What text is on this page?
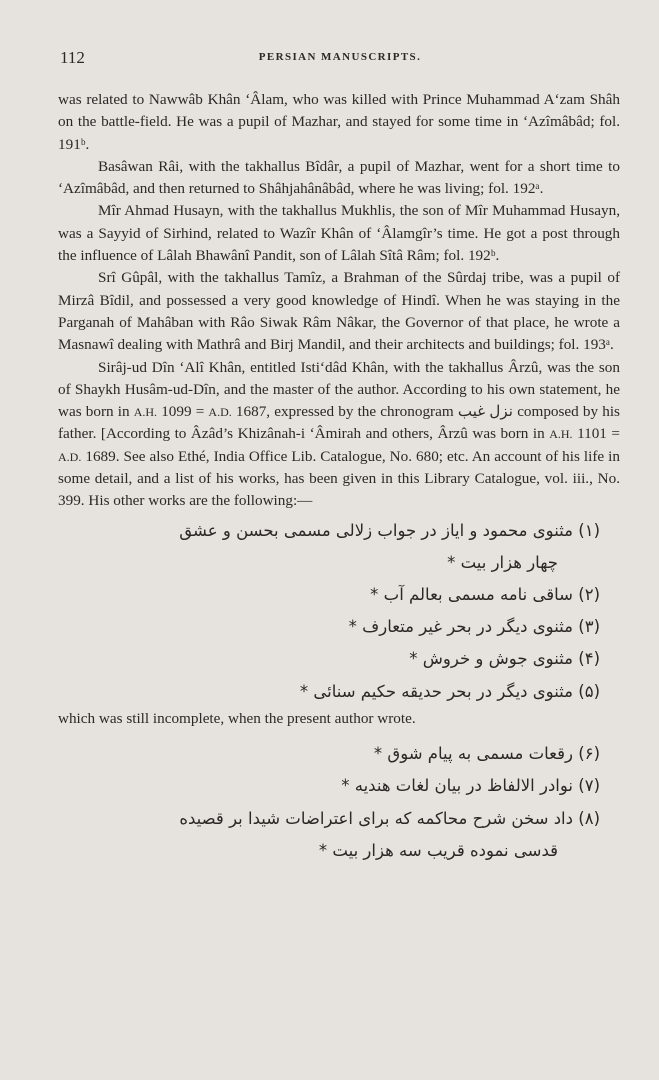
112	PERSIAN MANUSCRIPTS.

was related to Nawwâb Khân ‘Âlam, who was killed with Prince Muhammad A‘zam Shâh on the battle-field. He was a pupil of Mazhar, and stayed for some time in ‘Azîmâbâd; fol. 191ᵇ.

Basâwan Râi, with the takhallus Bîdâr, a pupil of Mazhar, went for a short time to ‘Azîmâbâd, and then returned to Shâhjahânâbâd, where he was living; fol. 192ᵃ.

Mîr Ahmad Husayn, with the takhallus Mukhlis, the son of Mîr Muhammad Husayn, was a Sayyid of Sirhind, related to Wazîr Khân of ‘Âlamgîr’s time. He got a post through the influence of Lâlah Bhawânî Pandit, son of Lâlah Sîtâ Râm; fol. 192ᵇ.

Srî Gûpâl, with the takhallus Tamîz, a Brahman of the Sûrdaj tribe, was a pupil of Mirzâ Bîdil, and possessed a very good knowledge of Hindî. When he was staying in the Parganah of Mahâban with Râo Siwak Râm Nâkar, the Governor of that place, he wrote a Masnawî dealing with Mathrâ and Birj Mandil, and their architects and buildings; fol. 193ᵃ.

Sirâj-ud Dîn ‘Alî Khân, entitled Isti‘dâd Khân, with the takhallus Ârzû, was the son of Shaykh Husâm-ud-Dîn, and the master of the author. According to his own statement, he was born in A.H. 1099 = A.D. 1687, expressed by the chronogram نزل غیب composed by his father. [According to Âzâd’s Khizânah-i ‘Âmirah and others, Ârzû was born in A.H. 1101 = A.D. 1689. See also Ethé, India Office Lib. Catalogue, No. 680; etc. An account of his life in some detail, and a list of his works, has been given in this Library Catalogue, vol. iii., No. 399. His other works are the following:—

(۱) مثنوی محمود و ایاز در جواب زلالی مسمی بحسن و عشق
چهار هزار بیت *
(۲) ساقی نامه مسمی بعالم آب *
(۳) مثنوی دیگر در بحر غیر متعارف *
(۴) مثنوی جوش و خروش *
(۵) مثنوی دیگر در بحر حدیقه حکیم سنائی *

which was still incomplete, when the present author wrote.

(۶) رقعات مسمی به پیام شوق *
(۷) نوادر الالفاظ در بیان لغات هندیه *
(۸) داد سخن شرح محاکمه که برای اعتراضات شیدا بر قصیده
قدسی نموده قریب سه هزار بیت *
